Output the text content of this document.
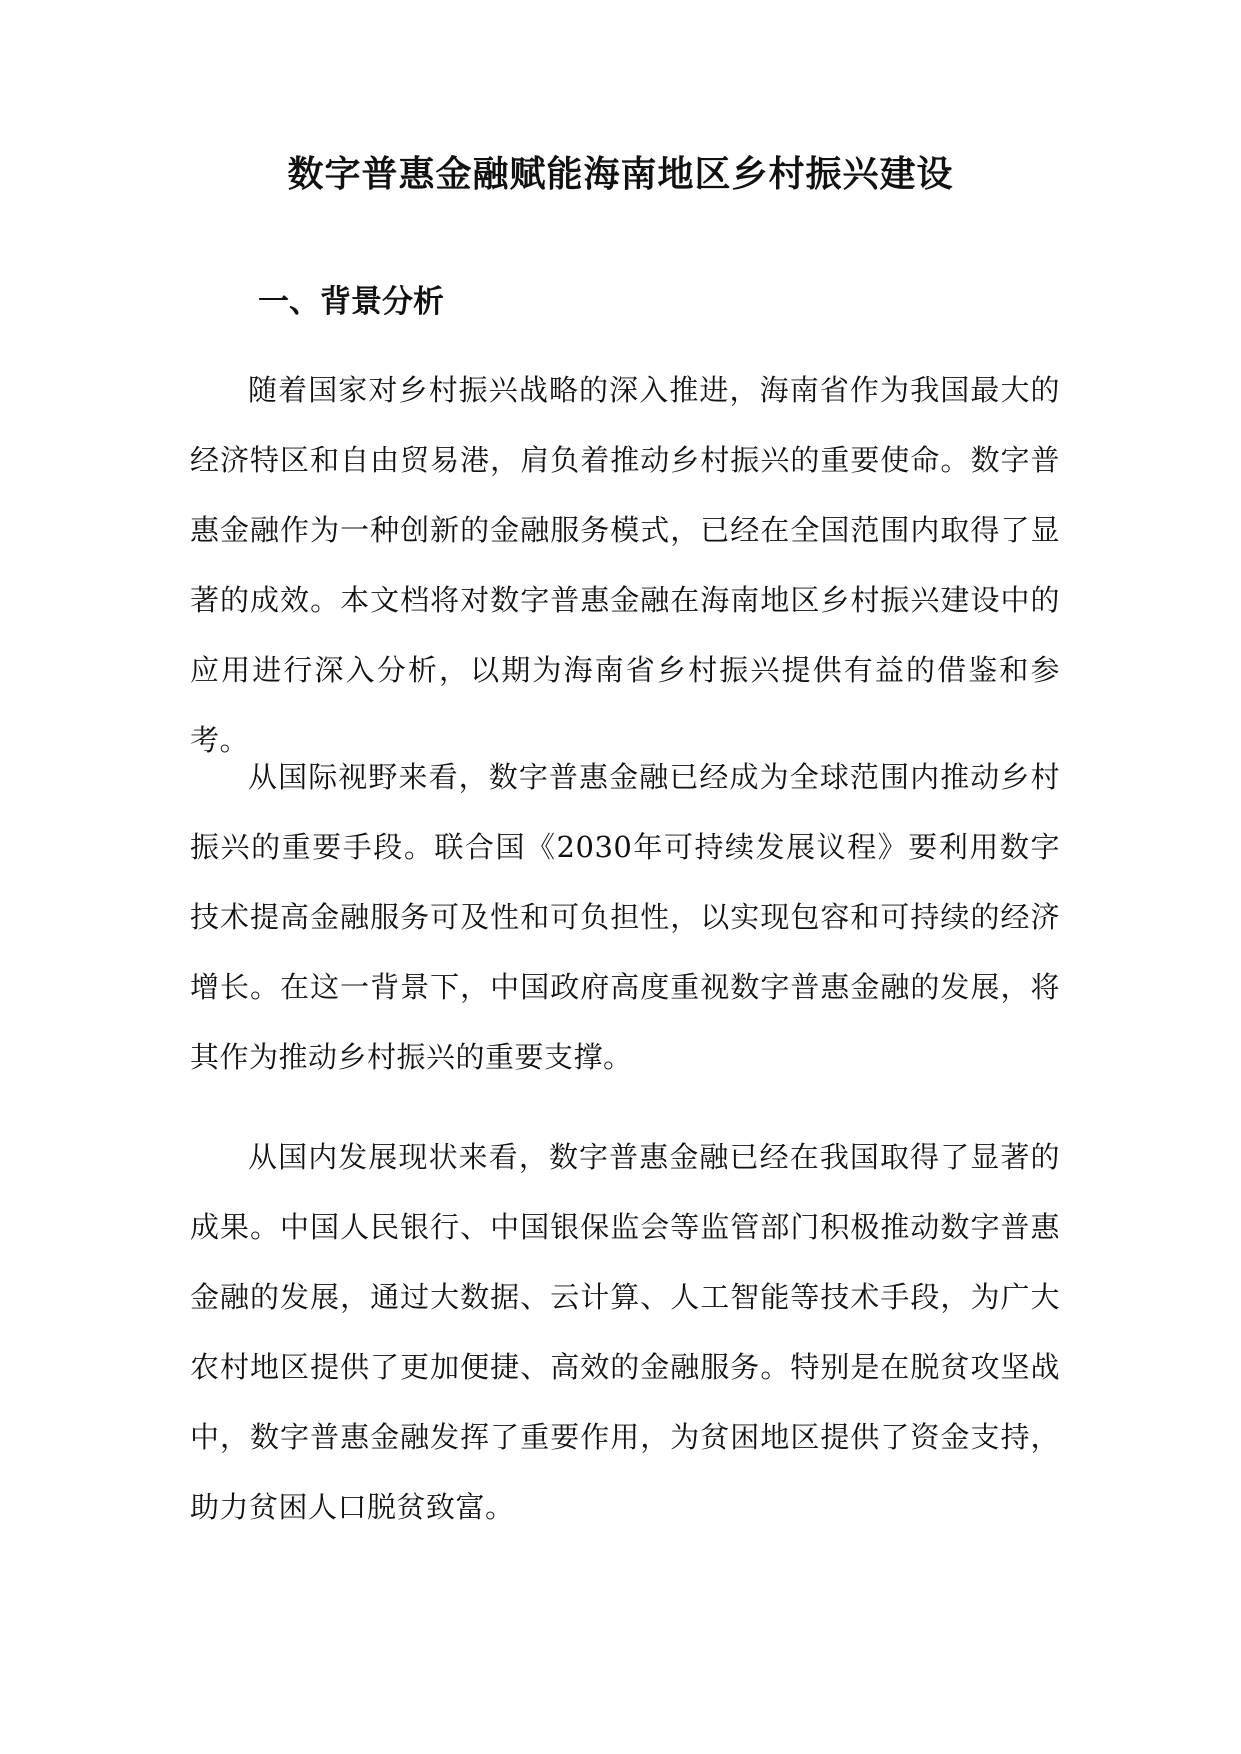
数字普惠金融赋能海南地区乡村振兴建设
一、背景分析

随着国家对乡村振兴战略的深入推进，海南省作为我国最大的经济特区和自由贸易港，肩负着推动乡村振兴的重要使命。数字普惠金融作为一种创新的金融服务模式，已经在全国范围内取得了显著的成效。本文档将对数字普惠金融在海南地区乡村振兴建设中的应用进行深入分析，以期为海南省乡村振兴提供有益的借鉴和参考。

从国际视野来看，数字普惠金融已经成为全球范围内推动乡村振兴的重要手段。联合国《2030年可持续发展议程》要利用数字技术提高金融服务可及性和可负担性，以实现包容和可持续的经济增长。在这一背景下，中国政府高度重视数字普惠金融的发展，将其作为推动乡村振兴的重要支撑。

从国内发展现状来看，数字普惠金融已经在我国取得了显著的成果。中国人民银行、中国银保监会等监管部门积极推动数字普惠金融的发展，通过大数据、云计算、人工智能等技术手段，为广大农村地区提供了更加便捷、高效的金融服务。特别是在脱贫攻坚战中，数字普惠金融发挥了重要作用，为贫困地区提供了资金支持，助力贫困人口脱贫致富。
